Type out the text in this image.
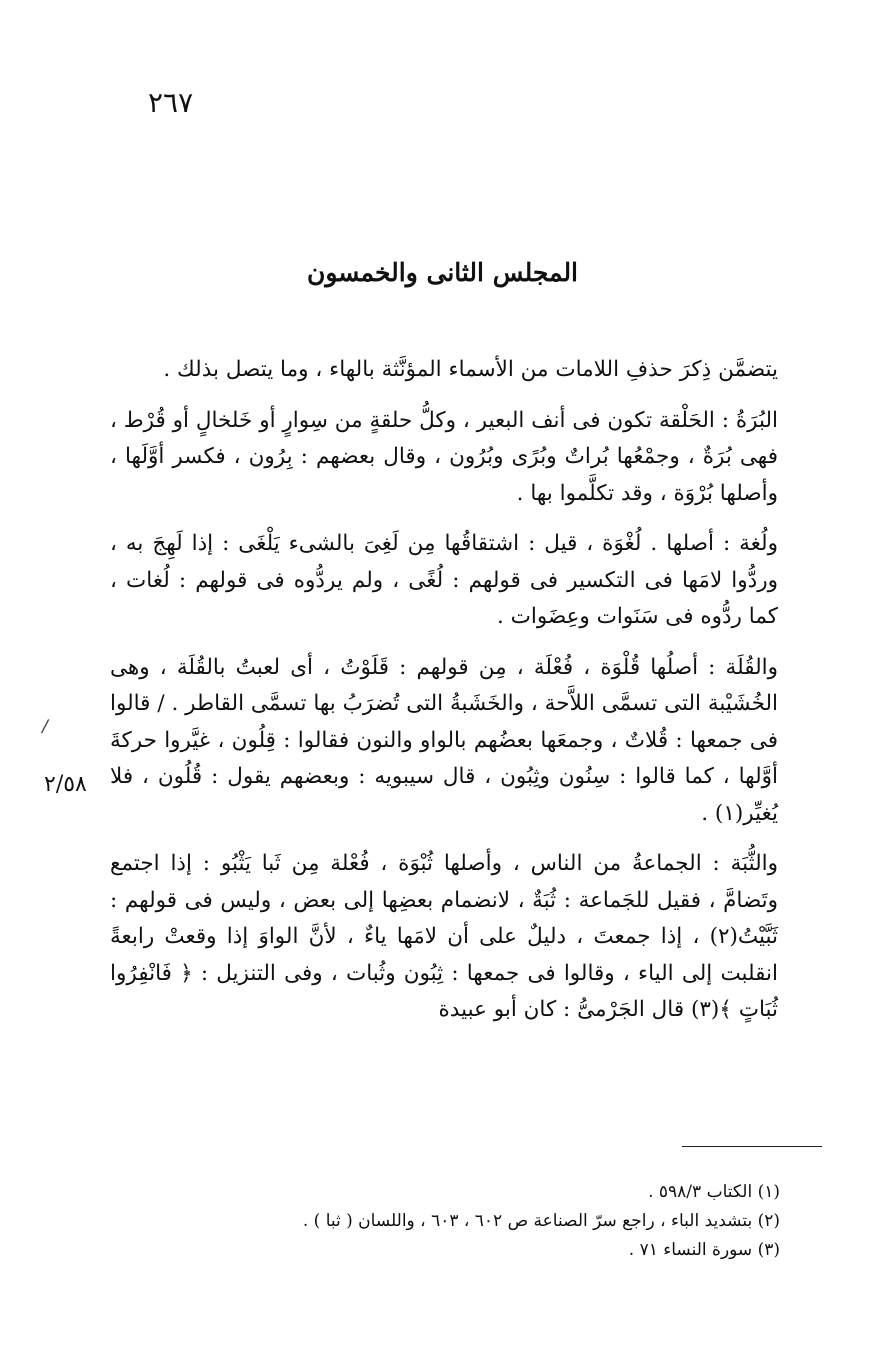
٢٦٧
المجلس الثانى والخمسون
/

يتضمَّن ذِكرَ حذفِ اللامات من الأسماء المؤنَّثة بالهاء ، وما يتصل بذلك .

البُرَةُ : الحَلْقة تكون فى أنف البعير ، وكلُّ حلقةٍ من سِوارٍ أو خَلخالٍ أو قُرْط ، فهى بُرَةٌ ، وجمْعُها بُراتٌ وبُرًى وبُرُون ، وقال بعضهم : بِرُون ، فكسر أوَّلَها ، وأصلها بُرْوَة ، وقد تكلَّموا بها .

ولُغة : أصلها . لُغْوَة ، قيل : اشتقاقُها مِن لَغِىَ بالشىء يَلْغَى : إذا لَهِجَ به ، وردُّوا لامَها فى التكسير فى قولهم : لُغًى ، ولم يردُّوه فى قولهم : لُغات ، كما ردُّوه فى سَنَوات وعِضَوات .

والقُلَة : أصلُها قُلْوَة ، فُعْلَة ، مِن قولهم : قَلَوْتُ ، أى لعبتُ بالقُلَة ، وهى الخُشَيْبة التى تسمَّى اللاَّحة ، والخَشَبةُ التى تُضرَبُ بها تسمَّى القاطر . / قالوا فى جمعها : قُلاتٌ ، وجمعَها بعضُهم بالواو والنون فقالوا : قِلُون ، غيَّروا حركةَ أوَّلها ، كما قالوا : سِنُون وثِبُون ، قال سيبويه : وبعضهم يقول : قُلُون ، فلا يُغيِّر(١) .

والثُّبَة : الجماعةُ من الناس ، وأصلها ثُبْوَة ، فُعْلة مِن ثَبا يَثْبُو : إذا اجتمع وتَضامَّ ، فقيل للجَماعة : ثُبَةٌ ، لانضمام بعضِها إلى بعض ، وليس فى قولهم : ثَبَّيْتُ(٢) ، إذا جمعتَ ، دليلٌ على أن لامَها ياءٌ ، لأنَّ الواوَ إذا وقعتْ رابعةً انقلبت إلى الياء ، وقالوا فى جمعها : ثِبُون وثُبات ، وفى التنزيل : ﴿ فَانْفِرُوا ثُبَاتٍ ﴾(٣) قال الجَرْمىُّ : كان أبو عبيدة

٢/٥٨

(١) الكتاب ٥٩٨/٣ .

(٢) بتشديد الباء ، راجع سرّ الصناعة ص ٦٠٢ ، ٦٠٣ ، واللسان ( ثبا ) .

(٣) سورة النساء ٧١ .
